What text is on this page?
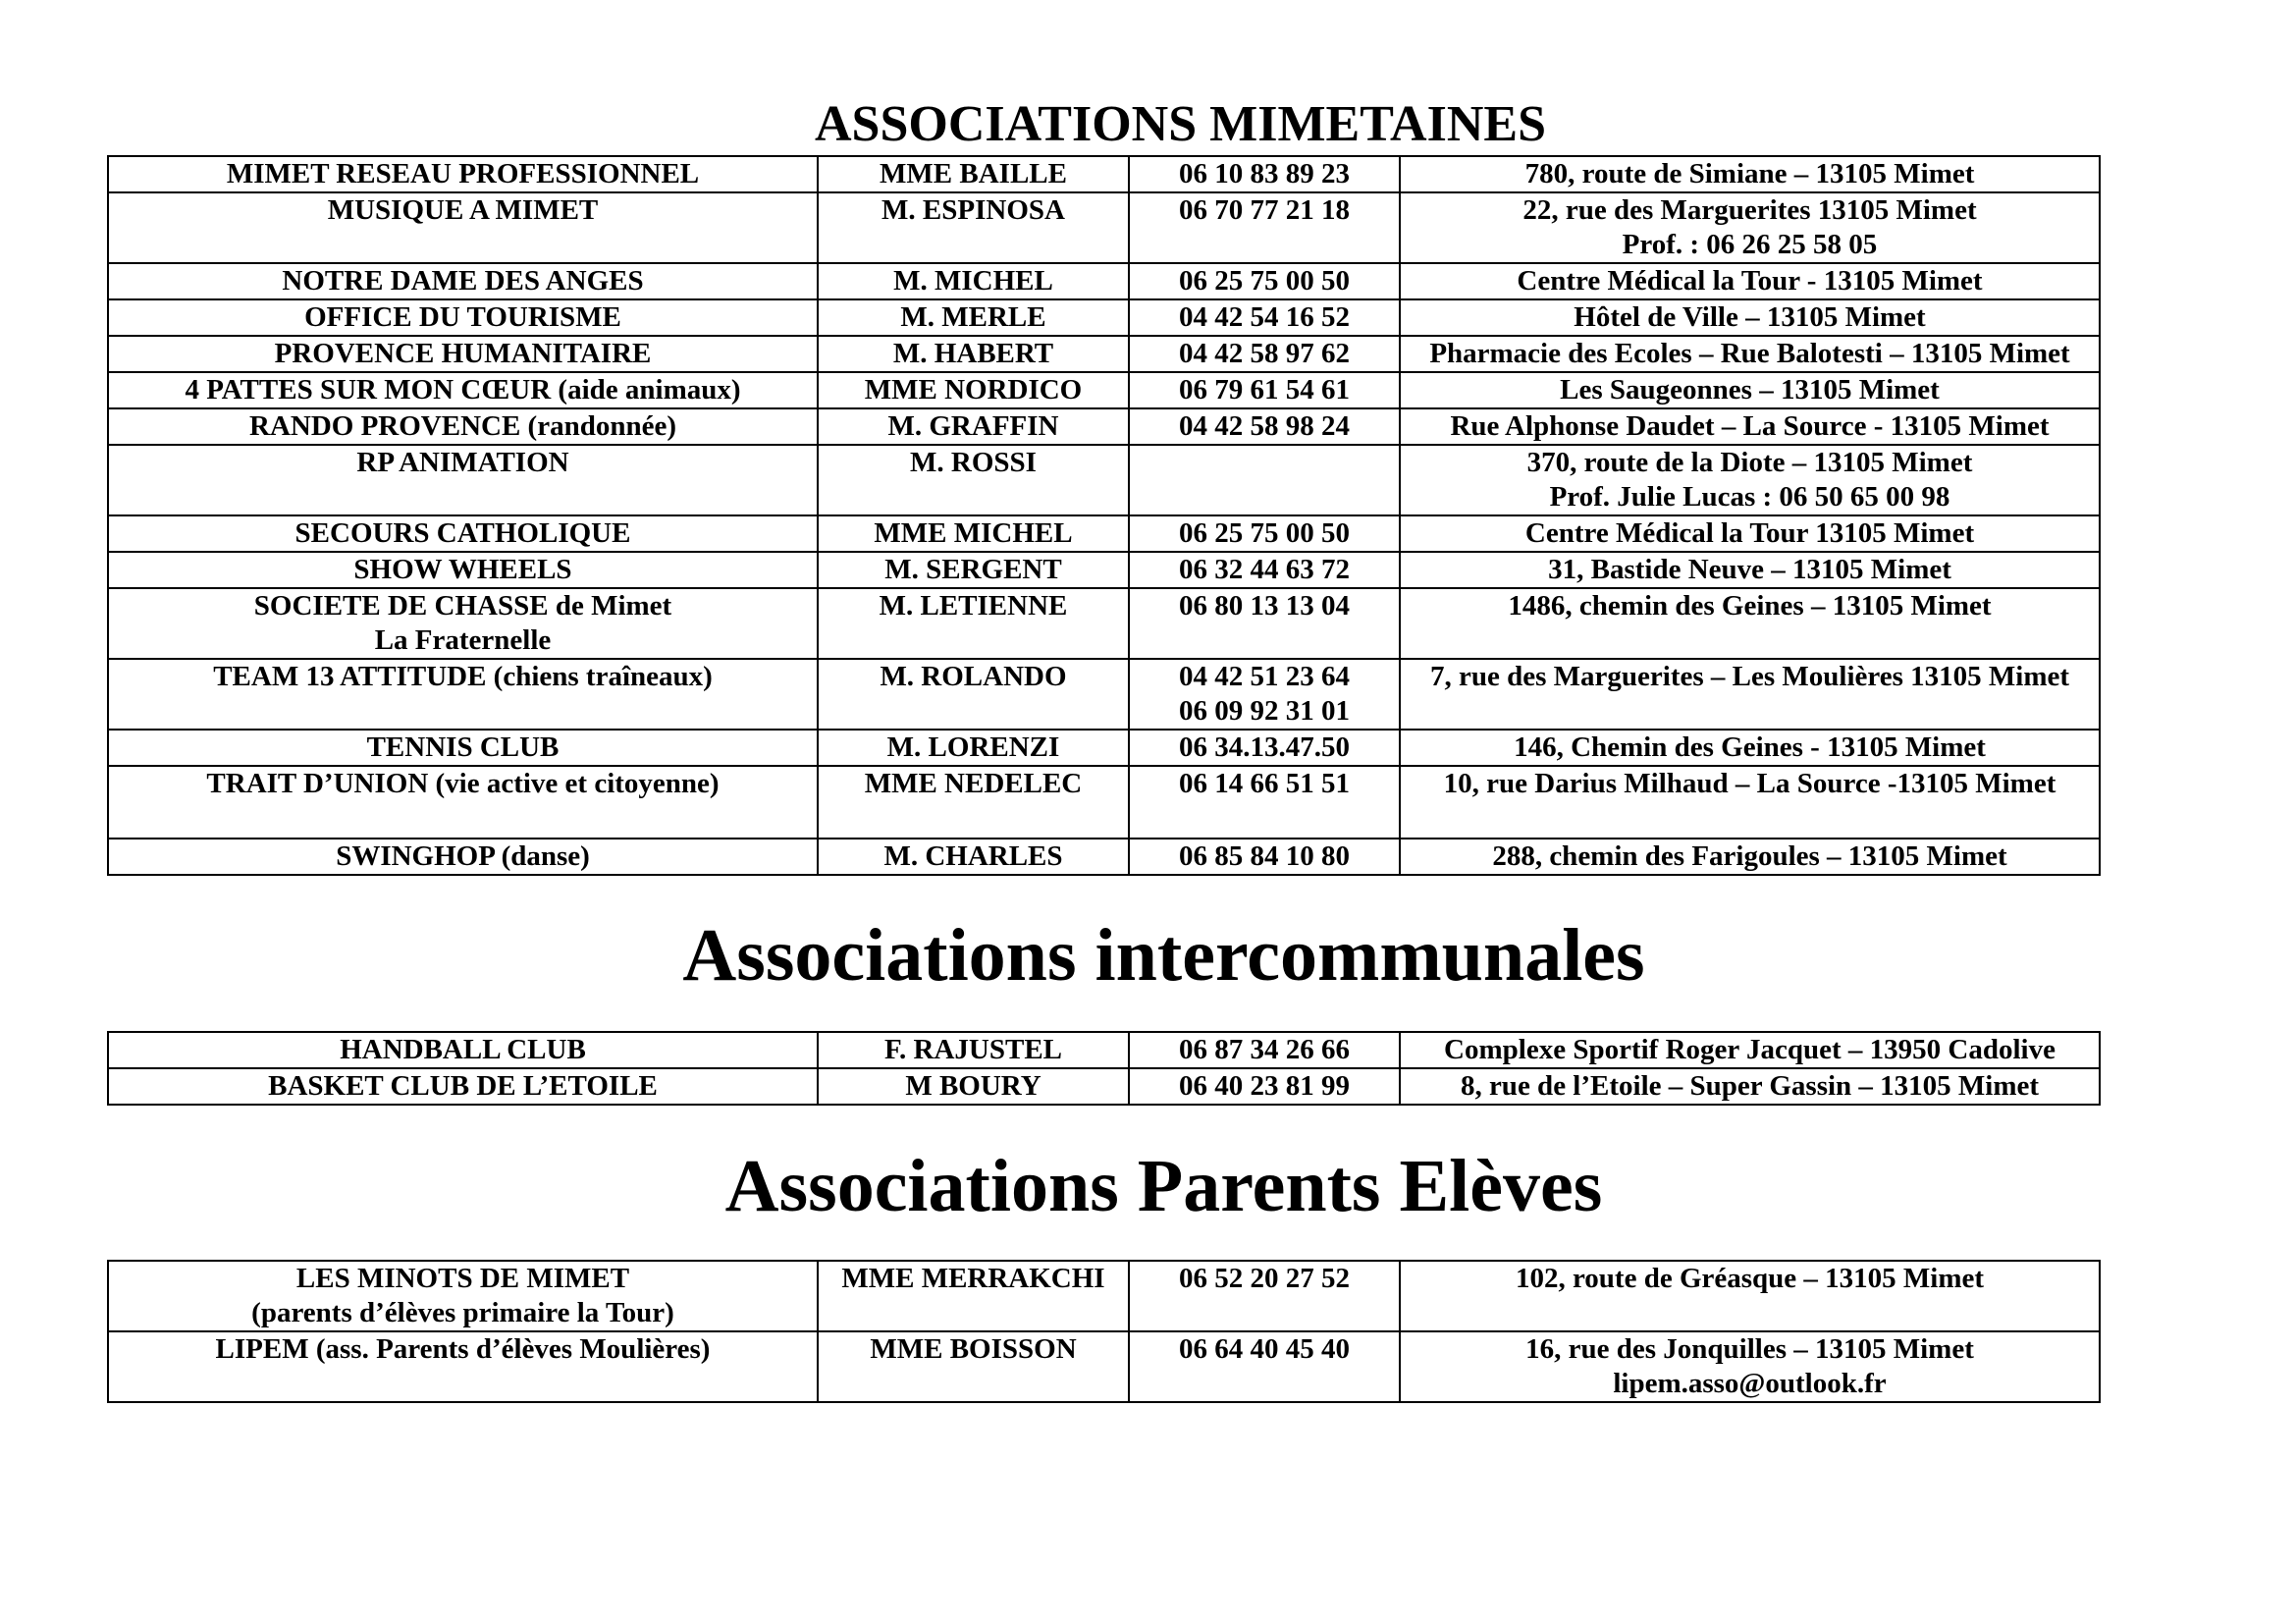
ASSOCIATIONS MIMETAINES
MIMET RESEAU PROFESSIONNEL	MME BAILLE	06 10 83 89 23	780, route de Simiane – 13105 Mimet

MUSIQUE A MIMET	M. ESPINOSA	06 70 77 21 18	22, rue des Marguerites 13105 Mimet
Prof. : 06 26 25 58 05

NOTRE DAME DES ANGES	M. MICHEL	06 25 75 00 50	Centre Médical la Tour - 13105 Mimet

OFFICE DU TOURISME	M. MERLE	04 42 54 16 52	Hôtel de Ville – 13105 Mimet

PROVENCE HUMANITAIRE	M. HABERT	04 42 58 97 62	Pharmacie des Ecoles – Rue Balotesti – 13105 Mimet

4 PATTES SUR MON CŒUR (aide animaux)	MME NORDICO	06 79 61 54 61	Les Saugeonnes – 13105 Mimet

RANDO PROVENCE (randonnée)	M. GRAFFIN	04 42 58 98 24	Rue Alphonse Daudet – La Source - 13105 Mimet

RP ANIMATION	M. ROSSI		370, route de la Diote – 13105 Mimet
Prof. Julie Lucas : 06 50 65 00 98

SECOURS CATHOLIQUE	MME MICHEL	06 25 75 00 50	Centre Médical la Tour 13105 Mimet

SHOW WHEELS	M. SERGENT	06 32 44 63 72	31, Bastide Neuve – 13105 Mimet

SOCIETE DE CHASSE de Mimet
La Fraternelle	M. LETIENNE	06 80 13 13 04	1486, chemin des Geines – 13105 Mimet

TEAM 13 ATTITUDE (chiens traîneaux)	M. ROLANDO	04 42 51 23 64
06 09 92 31 01	7, rue des Marguerites – Les Moulières 13105 Mimet

TENNIS CLUB	M. LORENZI	06 34.13.47.50	146, Chemin des Geines - 13105 Mimet

TRAIT D’UNION (vie active et citoyenne)	MME NEDELEC	06 14 66 51 51	10, rue Darius Milhaud – La Source -13105 Mimet

SWINGHOP (danse)	M. CHARLES	06 85 84 10 80	288, chemin des Farigoules – 13105 Mimet
Associations intercommunales
HANDBALL CLUB	F. RAJUSTEL	06 87 34 26 66	Complexe Sportif Roger Jacquet – 13950 Cadolive

BASKET CLUB DE L’ETOILE	M BOURY	06 40 23 81 99	8, rue de l’Etoile – Super Gassin – 13105 Mimet
Associations Parents Elèves
LES MINOTS DE MIMET
(parents d’élèves primaire la Tour)	MME MERRAKCHI	06 52 20 27 52	102, route de Gréasque – 13105 Mimet

LIPEM (ass. Parents d’élèves Moulières)	MME BOISSON	06 64 40 45 40	16, rue des Jonquilles – 13105 Mimet
lipem.asso@outlook.fr
